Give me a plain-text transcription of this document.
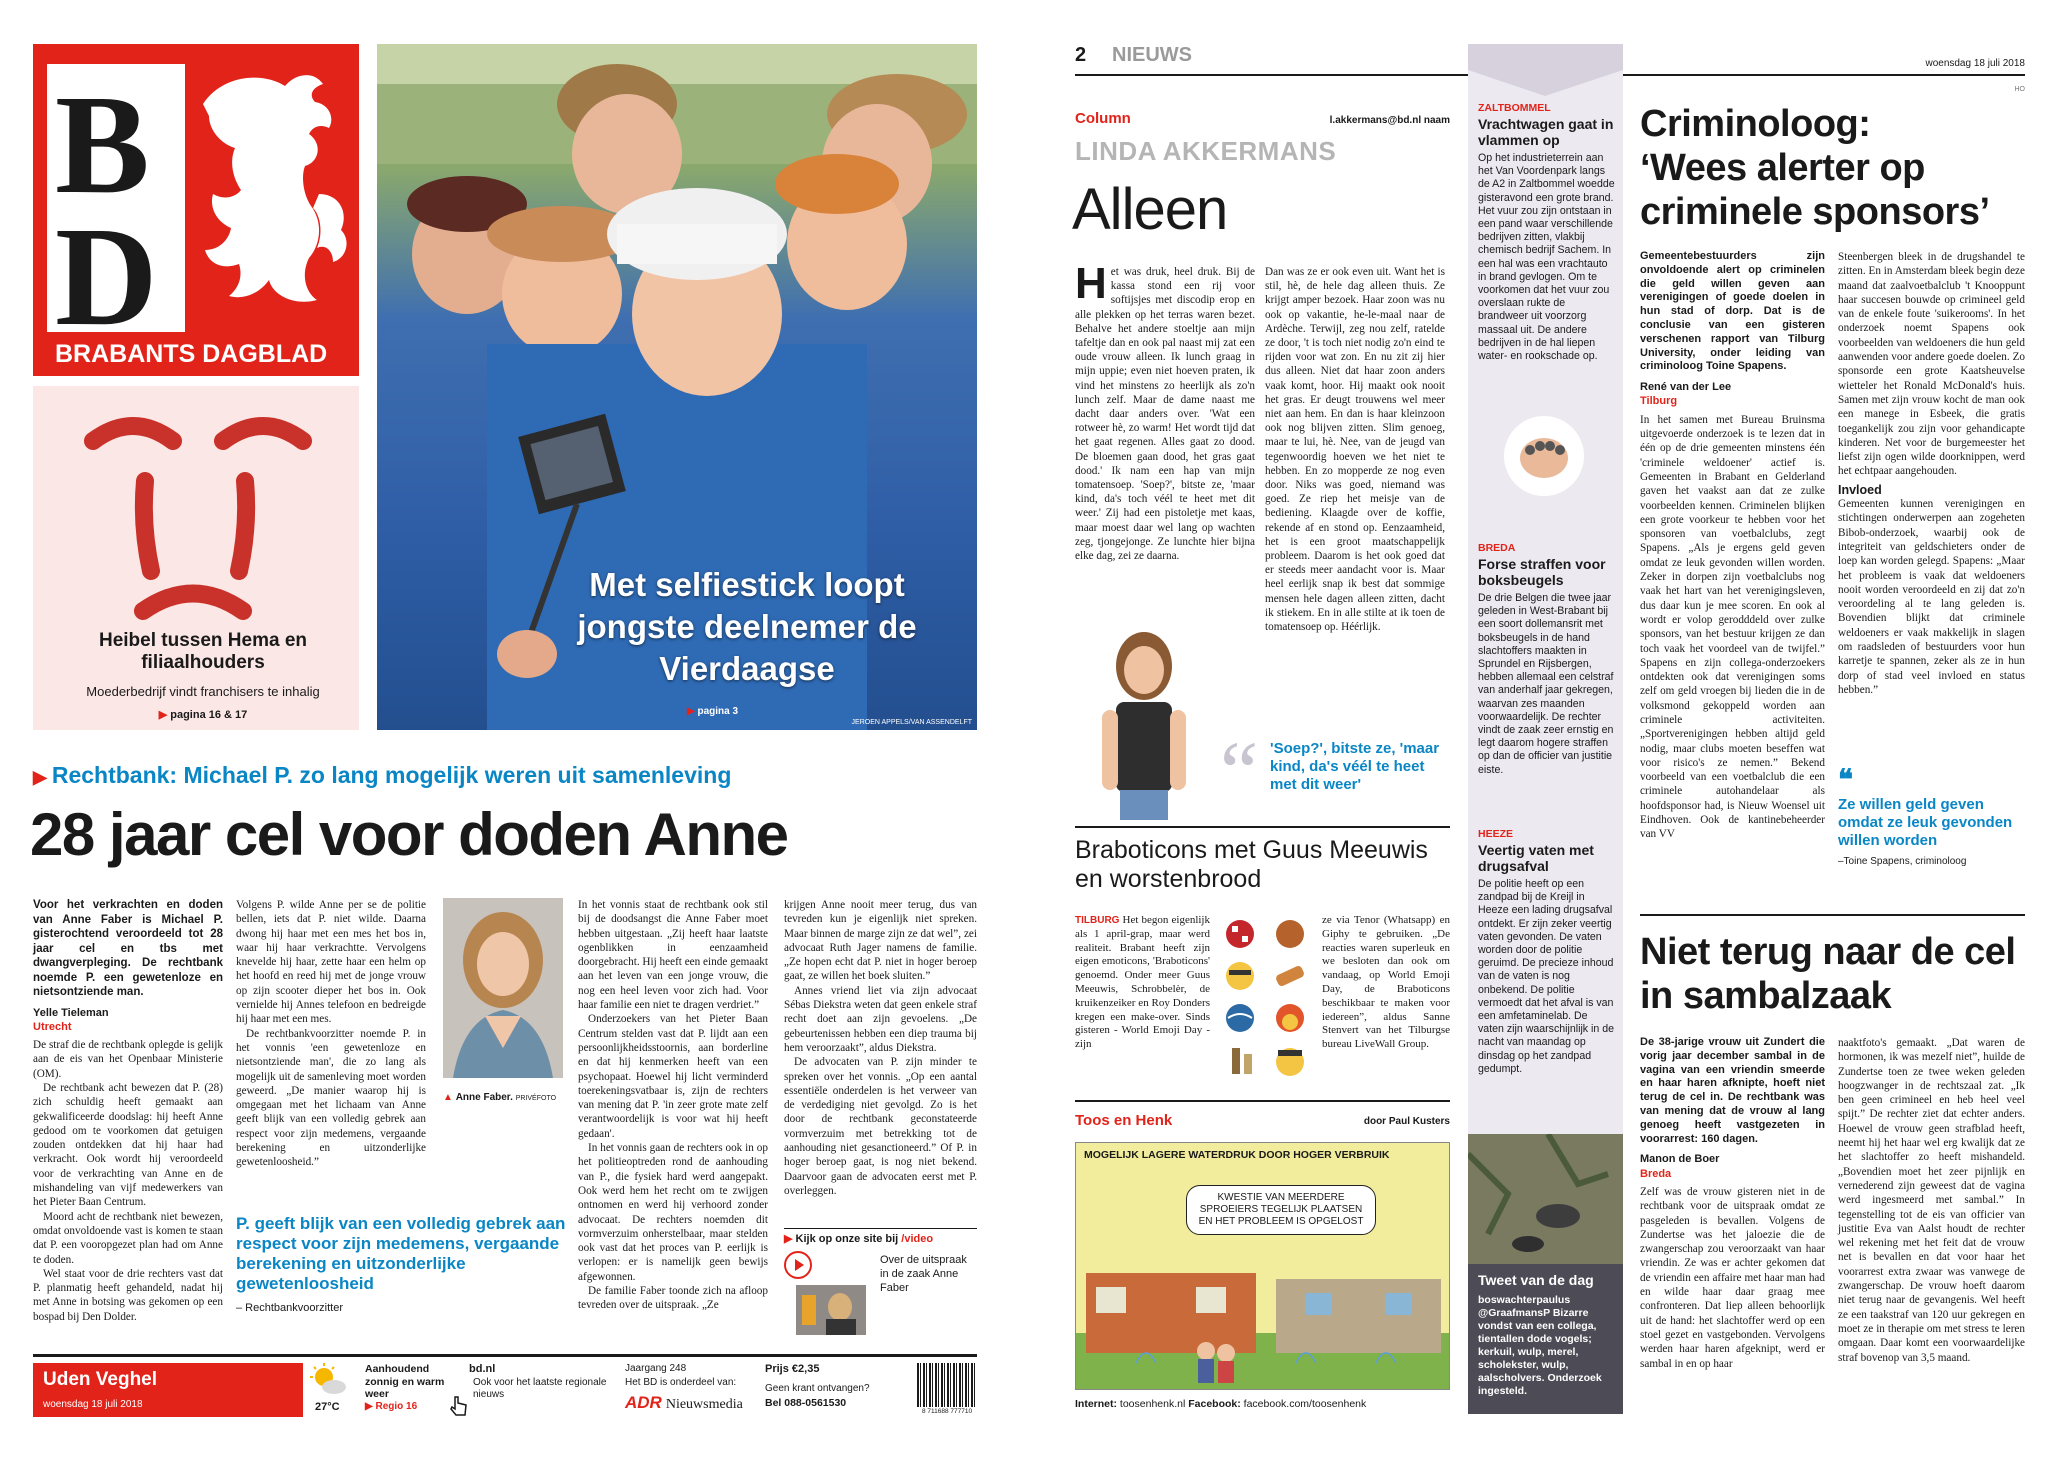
B
D
BRABANTS DAGBLAD
Heibel tussen Hema en filiaalhouders
Moederbedrijf vindt franchisers te inhalig
▶ pagina 16 & 17
JEROEN APPELS/VAN ASSENDELFT
Met selfiestick loopt jongste deelnemer de Vierdaagse
▶ pagina 3
▶ Rechtbank: Michael P. zo lang mogelijk weren uit samenleving
28 jaar cel voor doden Anne
Voor het verkrachten en doden van Anne Faber is Michael P. gisterochtend veroordeeld tot 28 jaar cel en tbs met dwangverpleging. De rechtbank noemde P. een gewetenloze en nietsontziende man.
Yelle Tieleman
Utrecht

De straf die de rechtbank oplegde is gelijk aan de eis van het Openbaar Ministerie (OM).

De rechtbank acht bewezen dat P. (28) zich schuldig heeft gemaakt aan gekwalificeerde doodslag: hij heeft Anne gedood om te voorkomen dat getuigen zouden ontdekken dat hij haar had verkracht. Ook wordt hij veroordeeld voor de verkrachting van Anne en de mishandeling van vijf medewerkers van het Pieter Baan Centrum.

Moord acht de rechtbank niet bewezen, omdat onvoldoende vast is komen te staan dat P. een vooropgezet plan had om Anne te doden.

Wel staat voor de drie rechters vast dat P. planmatig heeft gehandeld, nadat hij met Anne in botsing was gekomen op een bospad bij Den Dolder.

Volgens P. wilde Anne per se de politie bellen, iets dat P. niet wilde. Daarna dwong hij haar met een mes het bos in, waar hij haar verkrachtte. Vervolgens knevelde hij haar, zette haar een helm op het hoofd en reed hij met de jonge vrouw op zijn scooter dieper het bos in. Ook vernielde hij Annes telefoon en bedreigde hij haar met een mes.

De rechtbankvoorzitter noemde P. in het vonnis 'een gewetenloze en nietsontziende man', die zo lang als mogelijk uit de samenleving moet worden geweerd. „De manier waarop hij is omgegaan met het lichaam van Anne geeft blijk van een volledig gebrek aan respect voor zijn medemens, vergaande berekening en uitzonderlijke gewetenloosheid.”

▲ Anne Faber. PRIVÉFOTO
P. geeft blijk van een volledig gebrek aan respect voor zijn medemens, vergaande berekening en uitzonderlijke gewetenloosheid
– Rechtbankvoorzitter

In het vonnis staat de rechtbank ook stil bij de doodsangst die Anne Faber moet hebben uitgestaan. „Zij heeft haar laatste ogenblikken in eenzaamheid doorgebracht. Hij heeft een einde gemaakt aan het leven van een jonge vrouw, die nog een heel leven voor zich had. Voor haar familie een niet te dragen verdriet.”

Onderzoekers van het Pieter Baan Centrum stelden vast dat P. lijdt aan een persoonlijkheidsstoornis, aan borderline en dat hij kenmerken heeft van een psychopaat. Hoewel hij licht verminderd toerekeningsvatbaar is, zijn de rechters van mening dat P. 'in zeer grote mate zelf verantwoordelijk is voor wat hij heeft gedaan'.

In het vonnis gaan de rechters ook in op het politieoptreden rond de aanhouding van P., die fysiek hard werd aangepakt. Ook werd hem het recht om te zwijgen ontnomen en werd hij verhoord zonder advocaat. De rechters noemden dit vormverzuim onherstelbaar, maar stelden ook vast dat het proces van P. eerlijk is verlopen: er is namelijk geen bewijs afgewonnen.

De familie Faber toonde zich na afloop tevreden over de uitspraak. „Ze

krijgen Anne nooit meer terug, dus van tevreden kun je eigenlijk niet spreken. Maar binnen de marge zijn ze dat wel”, zei advocaat Ruth Jager namens de familie. „Ze hopen echt dat P. niet in hoger beroep gaat, ze willen het boek sluiten.”

Annes vriend liet via zijn advocaat Sébas Diekstra weten dat geen enkele straf recht doet aan zijn gevoelens. „De gebeurtenissen hebben een diep trauma bij hem veroorzaakt”, aldus Diekstra.

De advocaten van P. zijn minder te spreken over het vonnis. „Op een aantal essentiële onderdelen is het verweer van de verdediging niet gevolgd. Zo is het door de rechtbank geconstateerde vormverzuim met betrekking tot de aanhouding niet gesanctioneerd.” Of P. in hoger beroep gaat, is nog niet bekend. Daarvoor gaan de advocaten eerst met P. overleggen.

▶ Kijk op onze site bij /video
Over de uitspraak in de zaak Anne Faber
Uden Veghel
woensdag 18 juli 2018	27°C
Aanhoudend zonnig en warm weer
▶ Regio 16
bd.nl
Ook voor het laatste regionale nieuws
Jaargang 248
Het BD is onderdeel van:
ADR Nieuwsmedia
Prijs €2,35
Geen krant ontvangen?
Bel 088-0561530
8 711688 777710
2 NIEUWS	woensdag 18 juli 2018
HO
Column	l.akkermans@bd.nl naam
LINDA AKKERMANS
Alleen
Het was druk, heel druk. Bij de kassa stond een rij voor softijsjes met discodip erop en alle plekken op het terras waren bezet. Behalve het andere stoeltje aan mijn tafeltje dan en ook pal naast mij zat een oude vrouw alleen. Ik lunch graag in mijn uppie; even niet hoeven praten, ik vind het minstens zo heerlijk als zo'n lunch zelf. Maar de dame naast me dacht daar anders over. 'Wat een rotweer hè, zo warm! Het wordt tijd dat het gaat regenen. Alles gaat zo dood. De bloemen gaan dood, het gras gaat dood.' Ik nam een hap van mijn tomatensoep. 'Soep?', bitste ze, 'maar kind, da's toch véél te heet met dit weer.' Zij had een pistoletje met kaas, maar moest daar wel lang op wachten zeg, tjongejonge. Ze lunchte hier bijna elke dag, zei ze daarna.
Dan was ze er ook even uit. Want het is stil, hè, de hele dag alleen thuis. Ze krijgt amper bezoek. Haar zoon was nu ook op vakantie, he-le-maal naar de Ardèche. Terwijl, zeg nou zelf, ratelde ze door, 't is toch niet nodig zo'n eind te rijden voor wat zon. En nu zit zij hier dus alleen. Niet dat haar zoon anders vaak komt, hoor. Hij maakt ook nooit het gras. Er deugt trouwens wel meer niet aan hem. En dan is haar kleinzoon ook nog blijven zitten. Slim genoeg, maar te lui, hè. Nee, van de jeugd van tegenwoordig hoeven we het niet te hebben. En zo mopperde ze nog even door. Niks was goed, niemand was goed. Ze riep het meisje van de bediening. Klaagde over de koffie, rekende af en stond op. Eenzaamheid, het is een groot maatschappelijk probleem. Daarom is het ook goed dat er steeds meer aandacht voor is. Maar heel eerlijk snap ik best dat sommige mensen hele dagen alleen zitten, dacht ik stiekem. En in alle stilte at ik toen de tomatensoep op. Héérlijk.
“ 'Soep?', bitste ze, 'maar kind, da's véél te heet met dit weer'
Braboticons met Guus Meeuwis en worstenbrood
TILBURG Het begon eigenlijk als 1 april-grap, maar werd realiteit. Brabant heeft zijn eigen emoticons, 'Braboticons' genoemd. Onder meer Guus Meeuwis, Schrobbelèr, de kruikenzeiker en Roy Donders kregen een make-over. Sinds gisteren - World Emoji Day - zijn
ze via Tenor (Whatsapp) en Giphy te gebruiken. „De reacties waren superleuk en we besloten dan ook om vandaag, op World Emoji Day, de Braboticons beschikbaar te maken voor iedereen”, aldus Sanne Stenvert van het Tilburgse bureau LiveWall Group.
Toos en Henk	door Paul Kusters
MOGELIJK LAGERE WATERDRUK DOOR HOGER VERBRUIK
KWESTIE VAN MEERDERE SPROEIERS TEGELIJK PLAATSEN EN HET PROBLEEM IS OPGELOST
Internet: toosenhenk.nl Facebook: facebook.com/toosenhenk
ZALTBOMMEL
Vrachtwagen gaat in vlammen op
Op het industrieterrein aan het Van Voordenpark langs de A2 in Zaltbommel woedde gisteravond een grote brand. Het vuur zou zijn ontstaan in een pand waar verschillende bedrijven zitten, vlakbij chemisch bedrijf Sachem. In een hal was een vrachtauto in brand gevlogen. Om te voorkomen dat het vuur zou overslaan rukte de brandweer uit voorzorg massaal uit. De andere bedrijven in de hal liepen water- en rookschade op.
BREDA
Forse straffen voor boksbeugels
De drie Belgen die twee jaar geleden in West-Brabant bij een soort dollemansrit met boksbeugels in de hand slachtoffers maakten in Sprundel en Rijsbergen, hebben allemaal een celstraf van anderhalf jaar gekregen, waarvan zes maanden voorwaardelijk. De rechter vindt de zaak zeer ernstig en legt daarom hogere straffen op dan de officier van justitie eiste.
HEEZE
Veertig vaten met drugsafval
De politie heeft op een zandpad bij de Kreijl in Heeze een lading drugsafval ontdekt. Er zijn zeker veertig vaten gevonden. De vaten worden door de politie geruimd. De precieze inhoud van de vaten is nog onbekend. De politie vermoedt dat het afval is van een amfetaminelab. De vaten zijn waarschijnlijk in de nacht van maandag op dinsdag op het zandpad gedumpt.
Tweet van de dag
boswachterpaulus @GraafmansP Bizarre vondst van een collega, tientallen dode vogels; kerkuil, wulp, merel, scholekster, wulp, aalscholvers. Onderzoek ingesteld.
Criminoloog:
‘Wees alerter op criminele sponsors’
Gemeentebestuurders zijn onvoldoende alert op criminelen die geld willen geven aan verenigingen of goede doelen in hun stad of dorp. Dat is de conclusie van een gisteren verschenen rapport van Tilburg University, onder leiding van criminoloog Toine Spapens.
René van der Lee
Tilburg

In het samen met Bureau Bruinsma uitgevoerde onderzoek is te lezen dat in één op de drie gemeenten minstens één 'criminele weldoener' actief is. Gemeenten in Brabant en Gelderland gaven het vaakst aan dat ze zulke voorbeelden kennen. Criminelen blijken een grote voorkeur te hebben voor het sponsoren van voetbalclubs, zegt Spapens. „Als je ergens geld geven omdat ze leuk gevonden willen worden. Zeker in dorpen zijn voetbalclubs nog vaak het hart van het verenigingsleven, dus daar kun je mee scoren. En ook al wordt er volop gerodddeld over zulke sponsors, van het bestuur krijgen ze dan toch vaak het voordeel van de twijfel.” Spapens en zijn collega-onderzoekers ontdekten ook dat verenigingen soms zelf om geld vroegen bij lieden die in de volksmond gekoppeld worden aan criminele activiteiten. „Sportverenigingen hebben altijd geld nodig, maar clubs moeten beseffen wat voor risico's ze nemen.” Bekend voorbeeld van een voetbalclub die een criminele autohandelaar als hoofdsponsor had, is Nieuw Woensel uit Eindhoven. Ook de kantinebeheerder van VV

Steenbergen bleek in de drugshandel te zitten. En in Amsterdam bleek begin deze maand dat zaalvoetbalclub 't Knooppunt haar succesen bouwde op crimineel geld van de enkele foute 'suikerooms'. In het onderzoek noemt Spapens ook voorbeelden van weldoeners die hun geld aanwenden voor andere goede doelen. Zo sponsorde een grote Kaatsheuvelse wietteler het Ronald McDonald's huis. Samen met zijn vrouw kocht de man ook een manege in Esbeek, die gratis toegankelijk zou zijn voor gehandicapte kinderen. Net voor de burgemeester het liefst zijn ogen wilde doorknippen, werd het echtpaar aangehouden.

Invloed

Gemeenten kunnen verenigingen en stichtingen onderwerpen aan zogeheten Bibob-onderzoek, waarbij ook de integriteit van geldschieters onder de loep kan worden gelegd. Spapens: „Maar het probleem is vaak dat weldoeners nooit worden veroordeeld en zij dat zo'n veroordeling al te lang geleden is. Bovendien blijkt dat criminele weldoeners er vaak makkelijk in slagen om raadsleden of bestuurders voor hun karretje te spannen, zeker als ze in hun dorp of stad veel invloed en status hebben.”

❝
Ze willen geld geven omdat ze leuk gevonden willen worden
–Toine Spapens, criminoloog
Niet terug naar de cel in sambalzaak
De 38-jarige vrouw uit Zundert die vorig jaar december sambal in de vagina van een vriendin smeerde en haar haren afknipte, hoeft niet terug de cel in. De rechtbank was van mening dat de vrouw al lang genoeg heeft vastgezeten in voorarrest: 160 dagen.
Manon de Boer
Breda

Zelf was de vrouw gisteren niet in de rechtbank voor de uitspraak omdat ze pasgeleden is bevallen. Volgens de Zundertse was het jaloezie die de zwangerschap zou veroorzaakt van haar vriendin. Ze was er achter gekomen dat de vriendin een affaire met haar man had en wilde haar daar graag mee confronteren. Dat liep alleen behoorlijk uit de hand: het slachtoffer werd op een stoel gezet en vastgebonden. Vervolgens werden haar haren afgeknipt, werd er sambal in en op haar

naaktfoto's gemaakt. „Dat waren de hormonen, ik was mezelf niet”, huilde de Zundertse toen ze twee weken geleden hoogzwanger in de rechtszaal zat. „Ik ben geen crimineel en heb heel veel spijt.” De rechter ziet dat echter anders. Hoewel de vrouw geen strafblad heeft, neemt hij het haar wel erg kwalijk dat ze het slachtoffer zo heeft mishandeld. „Bovendien moet het zeer pijnlijk en vernederend zijn geweest dat de vagina werd ingesmeerd met sambal.” In tegenstelling tot de eis van officier van justitie Eva van Aalst houdt de rechter wel rekening met het feit dat de vrouw net is bevallen en dat voor haar het voorarrest extra zwaar was vanwege de zwangerschap. De vrouw hoeft daarom niet terug naar de gevangenis. Wel heeft ze een taakstraf van 120 uur gekregen en moet ze in therapie om met stress te leren omgaan. Daar komt een voorwaardelijke straf bovenop van 3,5 maand.
